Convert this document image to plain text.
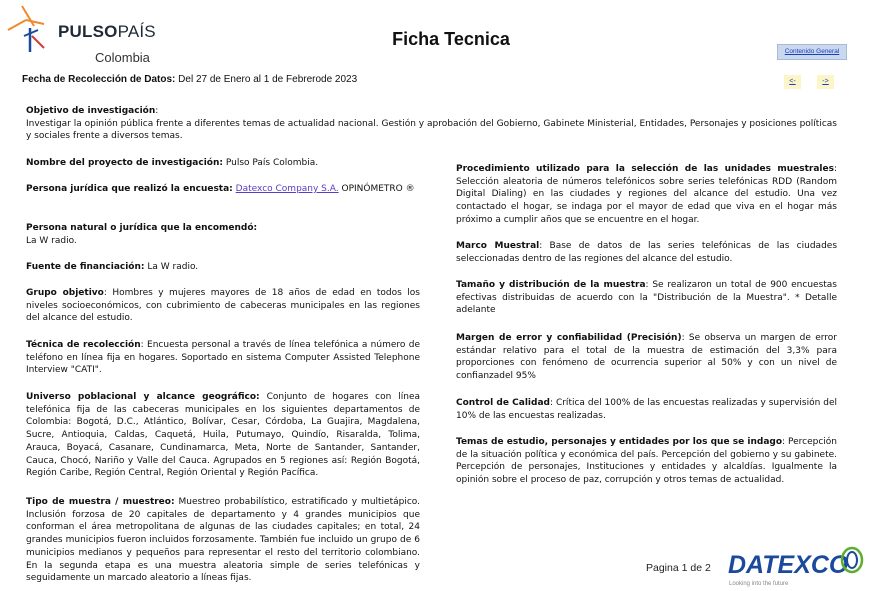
PULSOPAÍS
Colombia
Ficha Tecnica
Contenido General
<-	->
Fecha de Recolección de Datos: Del 27 de Enero al 1 de Febrerode 2023

Objetivo de investigación:

Investigar la opinión pública frente a diferentes temas de actualidad nacional. Gestión y aprobación del Gobierno, Gabinete Ministerial, Entidades, Personajes y posiciones políticas y sociales frente a diversos temas.

Nombre del proyecto de investigación: Pulso País Colombia.

Persona jurídica que realizó la encuesta: Datexco Company S.A. OPINÓMETRO ®

Persona natural o jurídica que la encomendó:

La W radio.

Fuente de financiación: La W radio.

Grupo objetivo: Hombres y mujeres mayores de 18 años de edad en todos los niveles socioeconómicos, con cubrimiento de cabeceras municipales en las regiones del alcance del estudio.

Técnica de recolección: Encuesta personal a través de línea telefónica a número de teléfono en línea fija en hogares. Soportado en sistema Computer Assisted Telephone Interview "CATI".

Universo poblacional y alcance geográfico: Conjunto de hogares con línea telefónica fija de las cabeceras municipales en los siguientes departamentos de Colombia: Bogotá, D.C., Atlántico, Bolívar, Cesar, Córdoba, La Guajira, Magdalena, Sucre, Antioquia, Caldas, Caquetá, Huila, Putumayo, Quindío, Risaralda, Tolima, Arauca, Boyacá, Casanare, Cundinamarca, Meta, Norte de Santander, Santander, Cauca, Chocó, Nariño y Valle del Cauca. Agrupados en 5 regiones así: Región Bogotá, Región Caribe, Región Central, Región Oriental y Región Pacífica.

Tipo de muestra / muestreo: Muestreo probabilístico, estratificado y multietápico. Inclusión forzosa de 20 capitales de departamento y 4 grandes municipios que conforman el área metropolitana de algunas de las ciudades capitales; en total, 24 grandes municipios fueron incluidos forzosamente. También fue incluido un grupo de 6 municipios medianos y pequeños para representar el resto del territorio colombiano. En la segunda etapa es una muestra aleatoria simple de series telefónicas y seguidamente un marcado aleatorio a líneas fijas.

Procedimiento utilizado para la selección de las unidades muestrales: Selección aleatoria de números telefónicos sobre series telefónicas RDD (Random Digital Dialing) en las ciudades y regiones del alcance del estudio. Una vez contactado el hogar, se indaga por el mayor de edad que viva en el hogar más próximo a cumplir años que se encuentre en el hogar.

Marco Muestral: Base de datos de las series telefónicas de las ciudades seleccionadas dentro de las regiones del alcance del estudio.

Tamaño y distribución de la muestra: Se realizaron un total de 900 encuestas efectivas distribuidas de acuerdo con la "Distribución de la Muestra". * Detalle adelante

Margen de error y confiabilidad (Precisión): Se observa un margen de error estándar relativo para el total de la muestra de estimación del 3,3% para proporciones con fenómeno de ocurrencia superior al 50% y con un nivel de confianzadel 95%

Control de Calidad: Crítica del 100% de las encuestas realizadas y supervisión del 10% de las encuestas realizadas.

Temas de estudio, personajes y entidades por los que se indago: Percepción de la situación política y económica del país. Percepción del gobierno y su gabinete. Percepción de personajes, Instituciones y entidades y alcaldías. Igualmente la opinión sobre el proceso de paz, corrupción y otros temas de actualidad.

Pagina 1 de 2 DATEXCO
Looking into the future
